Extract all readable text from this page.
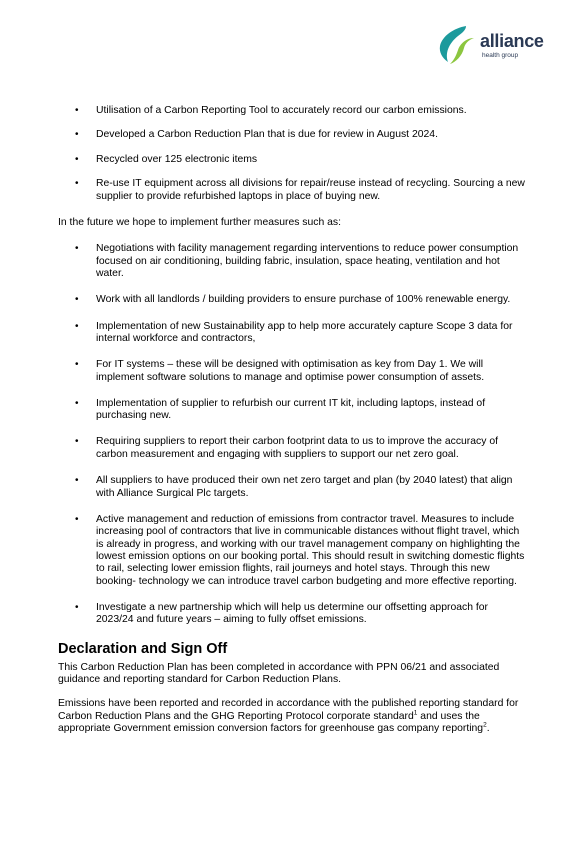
alliance
health group
• Utilisation of a Carbon Reporting Tool to accurately record our carbon emissions.
• Developed a Carbon Reduction Plan that is due for review in August 2024.
• Recycled over 125 electronic items
• Re-use IT equipment across all divisions for repair/reuse instead of recycling. Sourcing a new supplier to provide refurbished laptops in place of buying new.

In the future we hope to implement further measures such as:

• Negotiations with facility management regarding interventions to reduce power consumption focused on air conditioning, building fabric, insulation, space heating, ventilation and hot water.
• Work with all landlords / building providers to ensure purchase of 100% renewable energy.
• Implementation of new Sustainability app to help more accurately capture Scope 3 data for internal workforce and contractors,
• For IT systems – these will be designed with optimisation as key from Day 1. We will implement software solutions to manage and optimise power consumption of assets.
• Implementation of supplier to refurbish our current IT kit, including laptops, instead of purchasing new.
• Requiring suppliers to report their carbon footprint data to us to improve the accuracy of carbon measurement and engaging with suppliers to support our net zero goal.
• All suppliers to have produced their own net zero target and plan (by 2040 latest) that align with Alliance Surgical Plc targets.
• Active management and reduction of emissions from contractor travel. Measures to include increasing pool of contractors that live in communicable distances without flight travel, which is already in progress, and working with our travel management company on highlighting the lowest emission options on our booking portal. This should result in switching domestic flights to rail, selecting lower emission flights, rail journeys and hotel stays. Through this new booking- technology we can introduce travel carbon budgeting and more effective reporting.
• Investigate a new partnership which will help us determine our offsetting approach for 2023/24 and future years – aiming to fully offset emissions.
Declaration and Sign Off

This Carbon Reduction Plan has been completed in accordance with PPN 06/21 and associated guidance and reporting standard for Carbon Reduction Plans.

Emissions have been reported and recorded in accordance with the published reporting standard for Carbon Reduction Plans and the GHG Reporting Protocol corporate standard$^1$ and uses the appropriate Government emission conversion factors for greenhouse gas company reporting$^2$.
